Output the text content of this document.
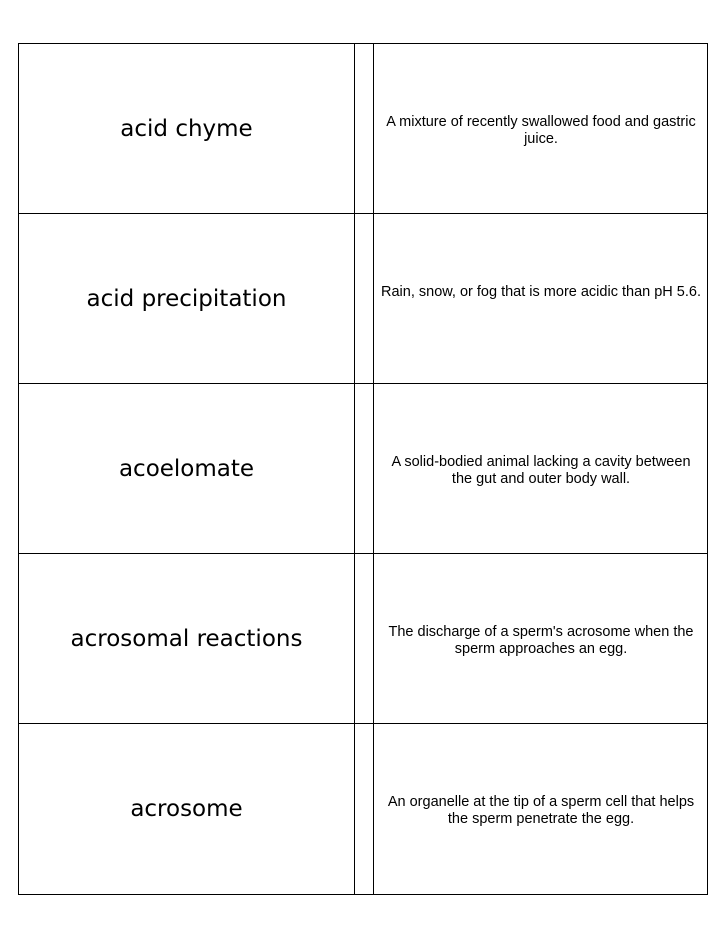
acid chyme	A mixture of recently swallowed food and gastric juice.
acid precipitation	Rain, snow, or fog that is more acidic than pH 5.6.
acoelomate	A solid-bodied animal lacking a cavity between the gut and outer body wall.
acrosomal reactions	The discharge of a sperm's acrosome when the sperm approaches an egg.
acrosome	An organelle at the tip of a sperm cell that helps the sperm penetrate the egg.
